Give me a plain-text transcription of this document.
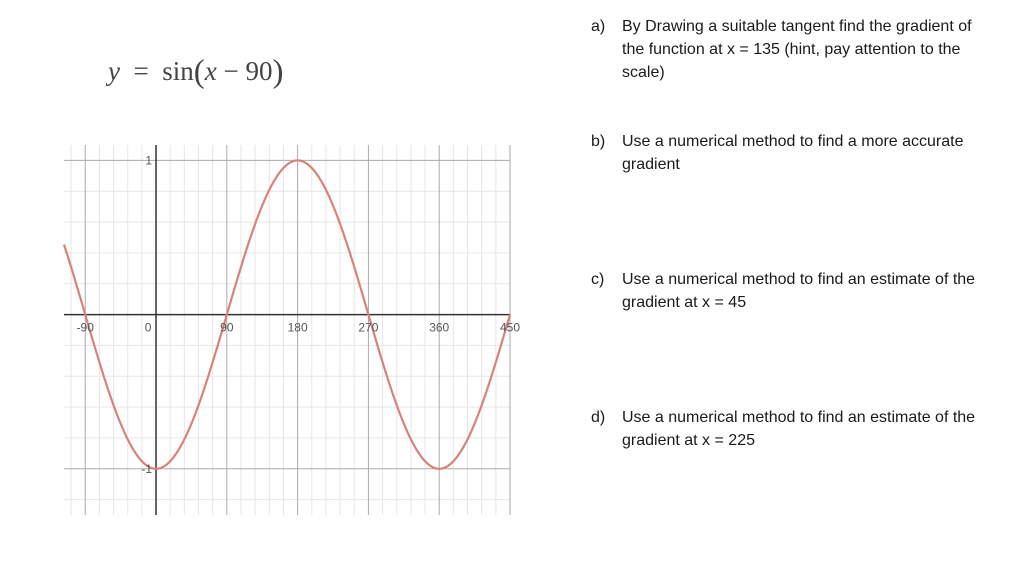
y = sin(x − 90)
-90	0	90	180	270	360	450
-1
1
a) By Drawing a suitable tangent find the gradient of the function at x = 135 (hint, pay attention to the scale)
b) Use a numerical method to find a more accurate gradient
c) Use a numerical method to find an estimate of the gradient at x = 45
d) Use a numerical method to find an estimate of the gradient at x = 225
